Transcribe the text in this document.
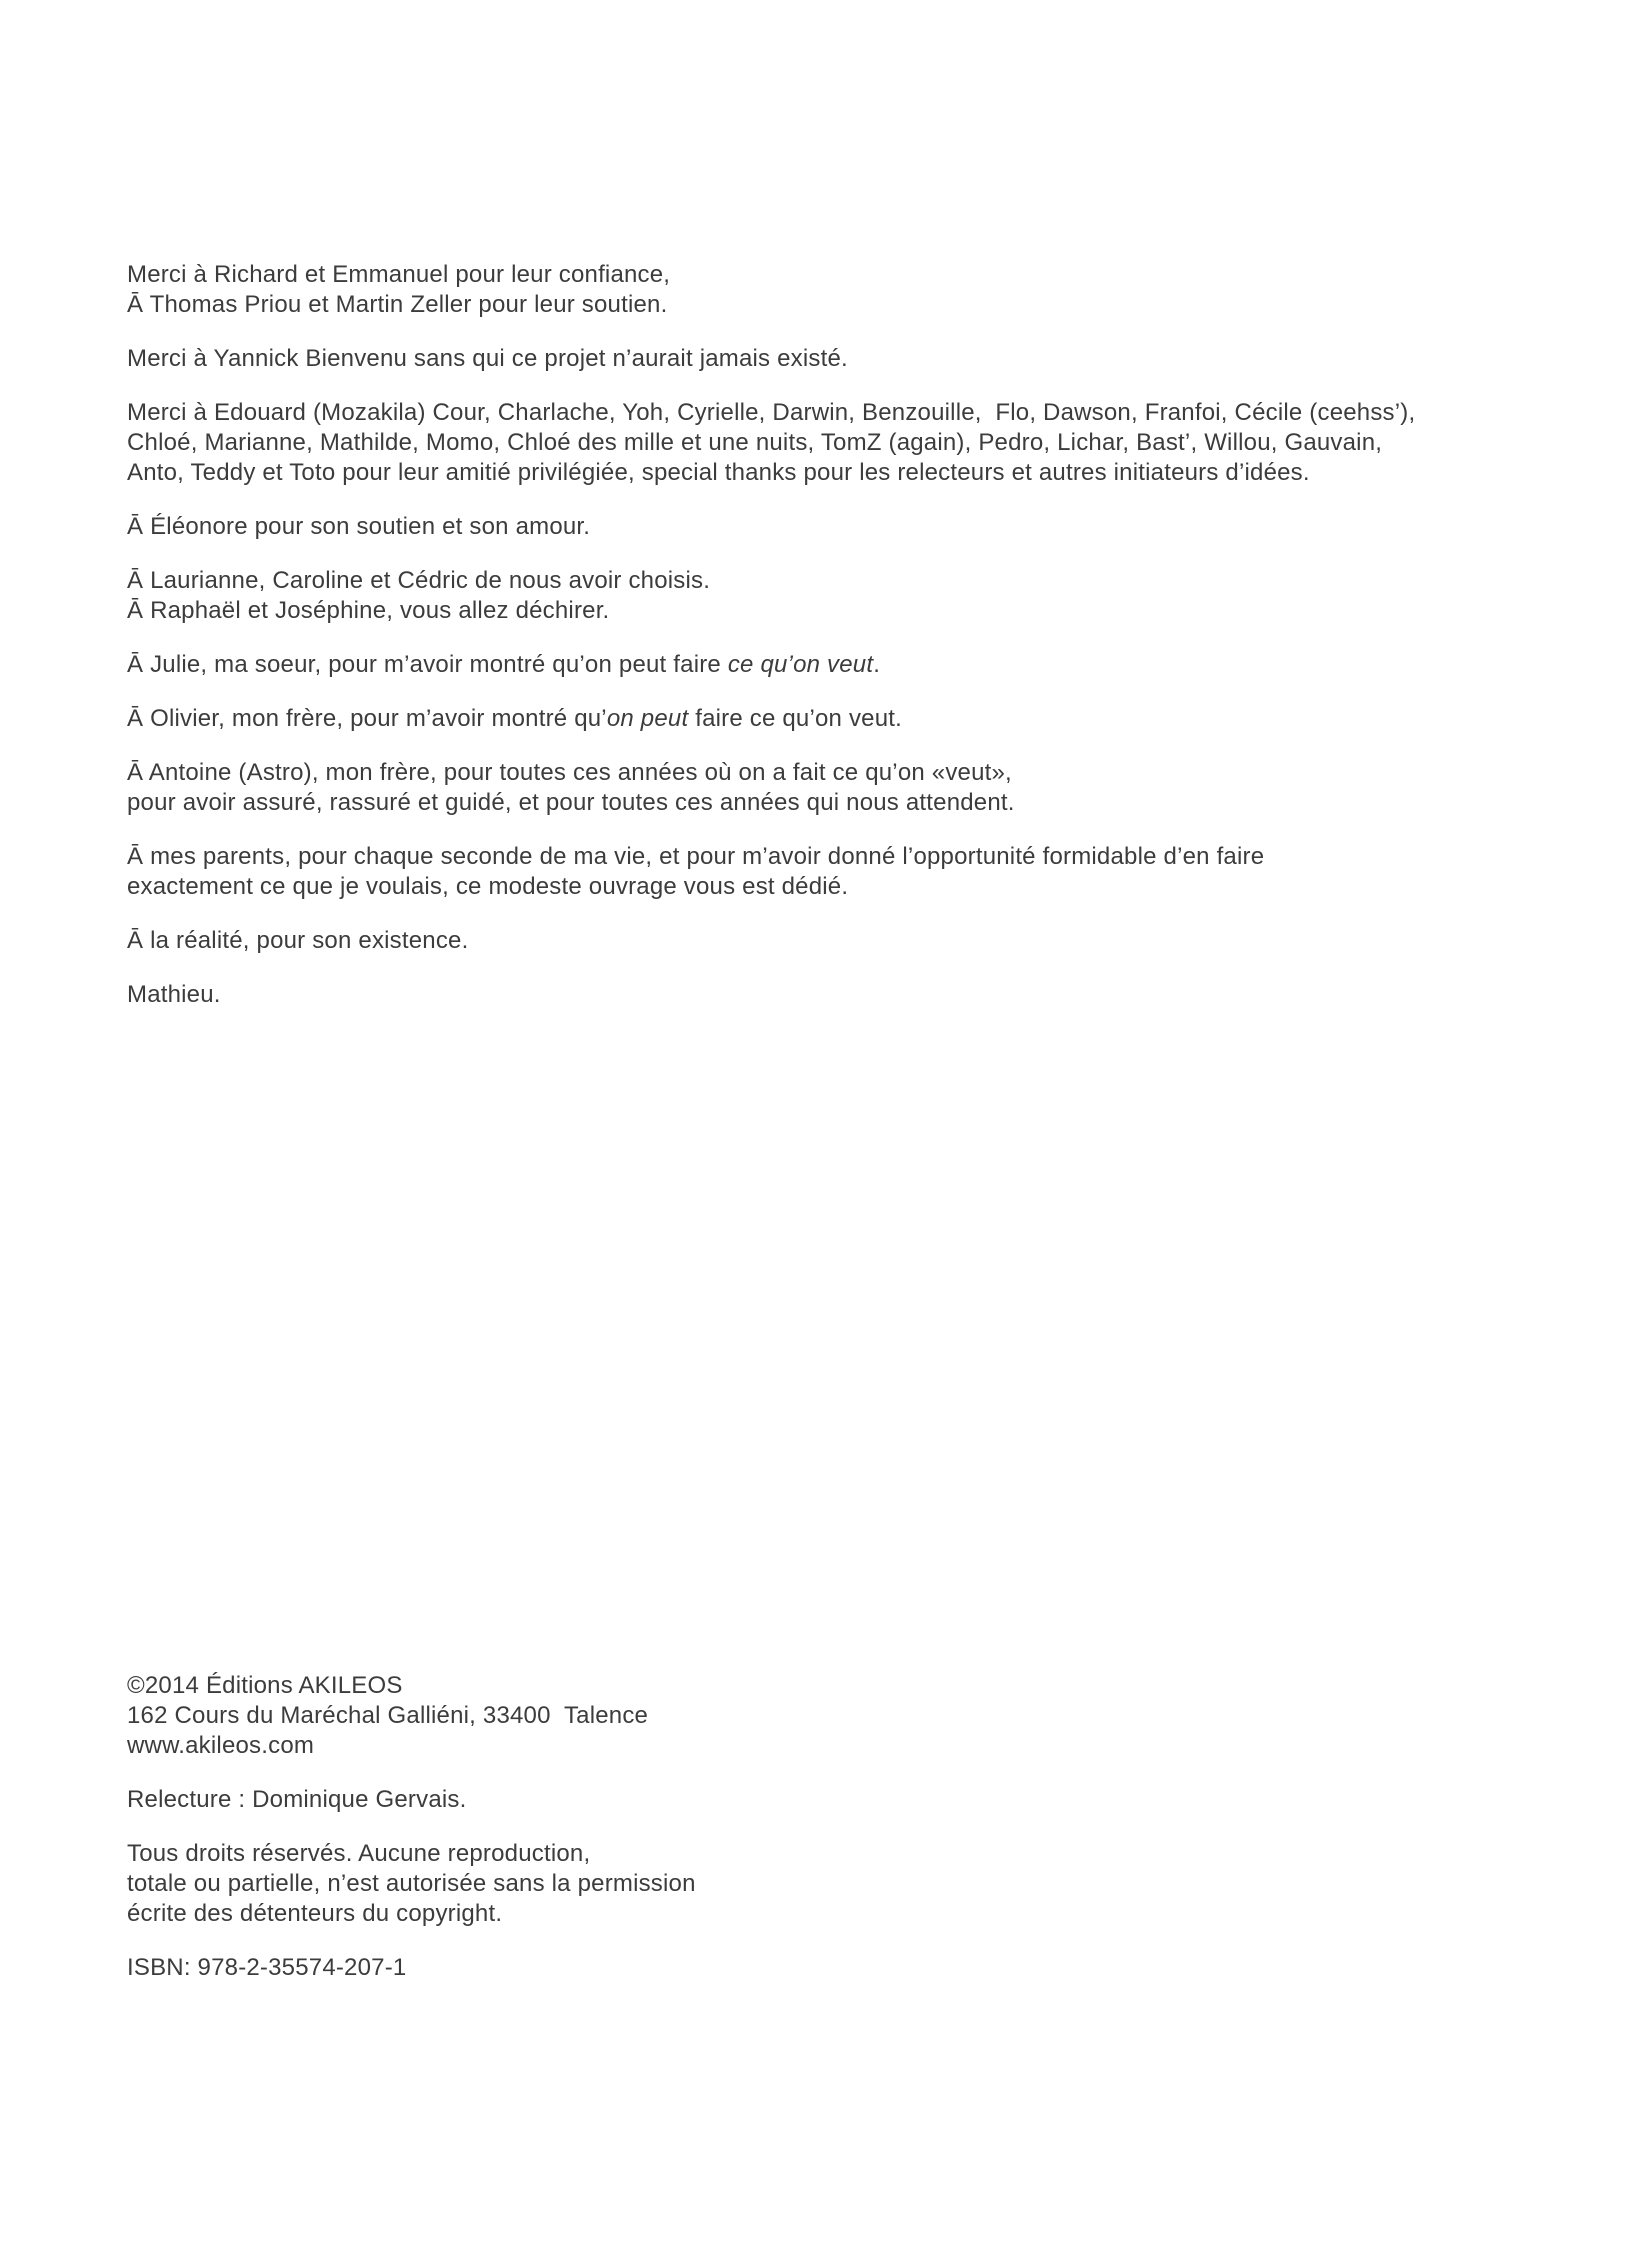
Merci à Richard et Emmanuel pour leur confiance,
Ā Thomas Priou et Martin Zeller pour leur soutien.

Merci à Yannick Bienvenu sans qui ce projet n’aurait jamais existé.

Merci à Edouard (Mozakila) Cour, Charlache, Yoh, Cyrielle, Darwin, Benzouille,  Flo, Dawson, Franfoi, Cécile (ceehss’),
Chloé, Marianne, Mathilde, Momo, Chloé des mille et une nuits, TomZ (again), Pedro, Lichar, Bast’, Willou, Gauvain,
Anto, Teddy et Toto pour leur amitié privilégiée, special thanks pour les relecteurs et autres initiateurs d’idées.

Ā Éléonore pour son soutien et son amour.

Ā Laurianne, Caroline et Cédric de nous avoir choisis.
Ā Raphaël et Joséphine, vous allez déchirer.

Ā Julie, ma soeur, pour m’avoir montré qu’on peut faire ce qu’on veut.

Ā Olivier, mon frère, pour m’avoir montré qu’on peut faire ce qu’on veut.

Ā Antoine (Astro), mon frère, pour toutes ces années où on a fait ce qu’on «veut»,
pour avoir assuré, rassuré et guidé, et pour toutes ces années qui nous attendent.

Ā mes parents, pour chaque seconde de ma vie, et pour m’avoir donné l’opportunité formidable d’en faire
exactement ce que je voulais, ce modeste ouvrage vous est dédié.

Ā la réalité, pour son existence.

Mathieu.

©2014 Éditions AKILEOS
162 Cours du Maréchal Galliéni, 33400  Talence
www.akileos.com

Relecture : Dominique Gervais.

Tous droits réservés. Aucune reproduction,
totale ou partielle, n’est autorisée sans la permission
écrite des détenteurs du copyright.

ISBN: 978-2-35574-207-1
